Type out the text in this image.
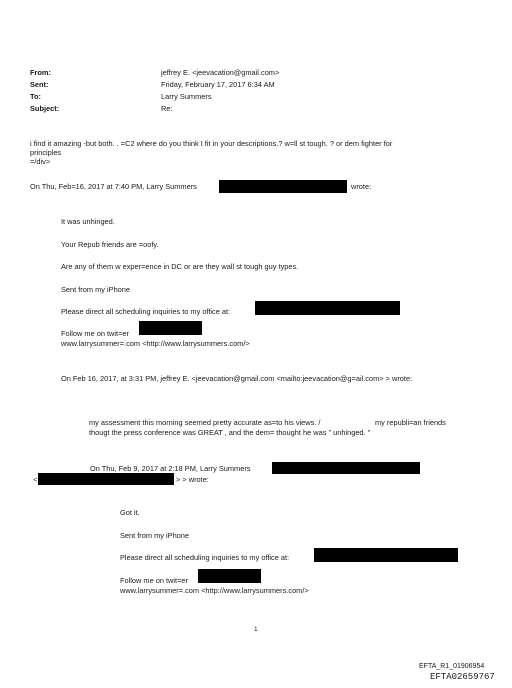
From:	jeffrey E. <jeevacation@gmail.com>
Sent:	Friday, February 17, 2017 6:34 AM
To:	Larry Summers
Subject:	Re:
i find it amazing -but both. . =C2 where do you think I fit in your descriptions.? w=ll st tough. ? or dem fighter for
principles
=/div>
On Thu, Feb=16, 2017 at 7:40 PM, Larry Summers	wrote:
It was unhinged.
Your Repub friends are =oofy.
Are any of them w exper=ence in DC or are they wall st tough guy types.
Sent from my iPhone
Please direct all scheduling inquiries to my office at:
Follow me on twit=er
www.larrysummer=.com <http://www.larrysummers.com/>
On Feb 16, 2017, at 3:31 PM, jeffrey E. <jeevacation@gmail.com <mailto:jeevacation@g=ail.com> > wrote:
my assessment this morning seemed pretty accurate as=to his views. /	my republi=an friends
thougt the press conference was GREAT , and the dem= thought he was " unhinged. "
On Thu, Feb 9, 2017 at 2:18 PM, Larry Summers
<	> > wrote:
Got it.
Sent from my iPhone
Please direct all scheduling inquiries to my office at:
Follow me on twit=er
www.larrysummer=.com <http://www.larrysummers.com/>
1
EFTA_R1_01906954
EFTA02659767
